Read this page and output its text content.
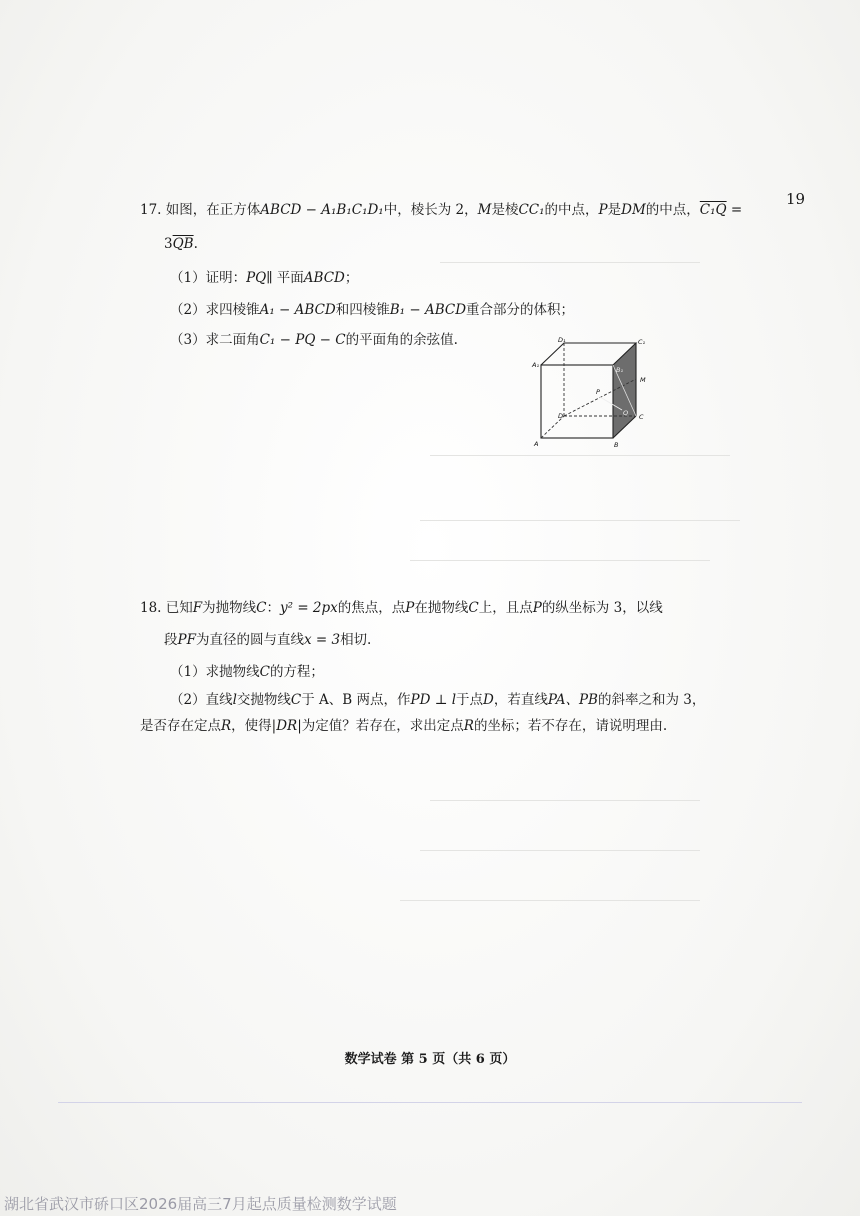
19
17. 如图，在正方体ABCD − A₁B₁C₁D₁中，棱长为 2，M是棱CC₁的中点，P是DM的中点，C₁Q =
$3\overline{QB}$.
（1）证明：PQ∥ 平面ABCD；
（2）求四棱锥A₁ − ABCD和四棱锥B₁ − ABCD重合部分的体积；
（3）求二面角C₁ − PQ − C的平面角的余弦值.
A₁
D₁	C₁
B₁
M
P
Q
D	C
A	B
18. 已知F为抛物线C：y² = 2px的焦点，点P在抛物线C上，且点P的纵坐标为 3，以线
段PF为直径的圆与直线x = 3相切.
（1）求抛物线C的方程；
（2）直线l交抛物线C于 A、B 两点，作PD ⊥ l于点D，若直线PA、PB的斜率之和为 3，
是否存在定点R，使得|DR|为定值？若存在，求出定点R的坐标；若不存在，请说明理由.
数学试卷 第 5 页（共 6 页）
湖北省武汉市硚口区2026届高三7月起点质量检测数学试题
